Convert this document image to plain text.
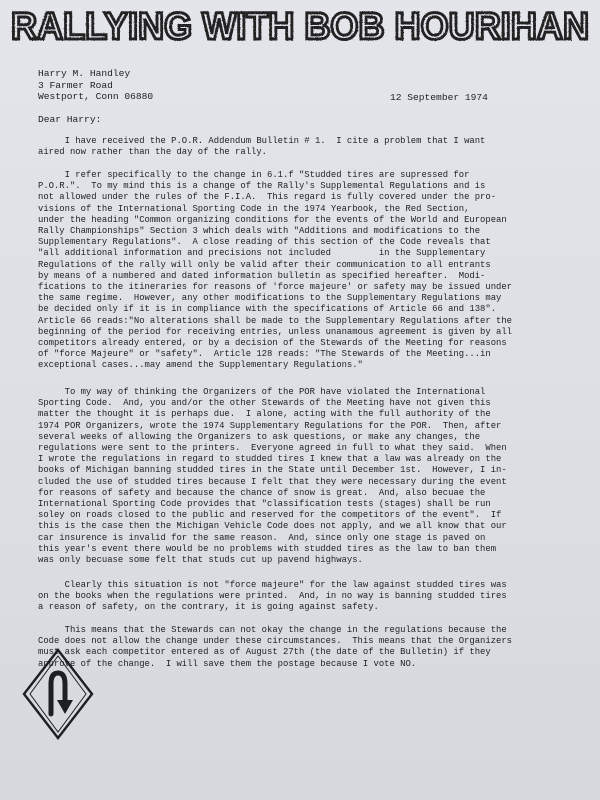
RALLYING WITH BOB HOURIHAN
Harry M. Handley
3 Farmer Road
Westport, Conn 06880	12 September 1974
Dear Harry:
I have received the P.O.R. Addendum Bulletin # 1.  I cite a problem that I want
aired now rather than the day of the rally.
I refer specifically to the change in 6.1.f "Studded tires are supressed for
P.O.R.".  To my mind this is a change of the Rally's Supplemental Regulations and is
not allowed under the rules of the F.I.A.  This regard is fully covered under the pro-
visions of the International Sporting Code in the 1974 Yearbook, the Red Section,
under the heading "Common organizing conditions for the events of the World and European
Rally Championships" Section 3 which deals with "Additions and modifications to the
Supplementary Regulations".  A close reading of this section of the Code reveals that
"all additional information and precisions not included         in the Supplementary
Regulations of the rally will only be valid after their communication to all entrants
by means of a numbered and dated information bulletin as specified hereafter.  Modi-
fications to the itineraries for reasons of 'force majeure' or safety may be issued under
the same regime.  However, any other modifications to the Supplementary Regulations may
be decided only if it is in compliance with the specifications of Article 66 and 138".
Article 66 reads:"No alterations shall be made to the Supplementary Regulations after the
beginning of the period for receiving entries, unless unanamous agreement is given by all
competitors already entered, or by a decision of the Stewards of the Meeting for reasons
of "force Majeure" or "safety".  Article 128 reads: "The Stewards of the Meeting...in
exceptional cases...may amend the Supplementary Regulations."
To my way of thinking the Organizers of the POR have violated the International
Sporting Code.  And, you and/or the other Stewards of the Meeting have not given this
matter the thought it is perhaps due.  I alone, acting with the full authority of the
1974 POR Organizers, wrote the 1974 Supplementary Regulations for the POR.  Then, after
several weeks of allowing the Organizers to ask questions, or make any changes, the
regulations were sent to the printers.  Everyone agreed in full to what they said.  When
I wrote the regulations in regard to studded tires I knew that a law was already on the
books of Michigan banning studded tires in the State until December 1st.  However, I in-
cluded the use of studded tires because I felt that they were necessary during the event
for reasons of safety and because the chance of snow is great.  And, also becuae the
International Sporting Code provides that "classification tests (stages) shall be run
soley on roads closed to the public and reserved for the competitors of the event".  If
this is the case then the Michigan Vehicle Code does not apply, and we all know that our
car insurence is invalid for the same reason.  And, since only one stage is paved on
this year's event there would be no problems with studded tires as the law to ban them
was only becuase some felt that studs cut up pavend highways.
Clearly this situation is not "force majeure" for the law against studded tires was
on the books when the regulations were printed.  And, in no way is banning studded tires
a reason of safety, on the contrary, it is going against safety.
This means that the Stewards can not okay the change in the regulations because the
Code does not allow the change under these circumstances.  This means that the Organizers
must ask each competitor entered as of August 27th (the date of the Bulletin) if they
approve of the change.  I will save them the postage because I vote NO.
